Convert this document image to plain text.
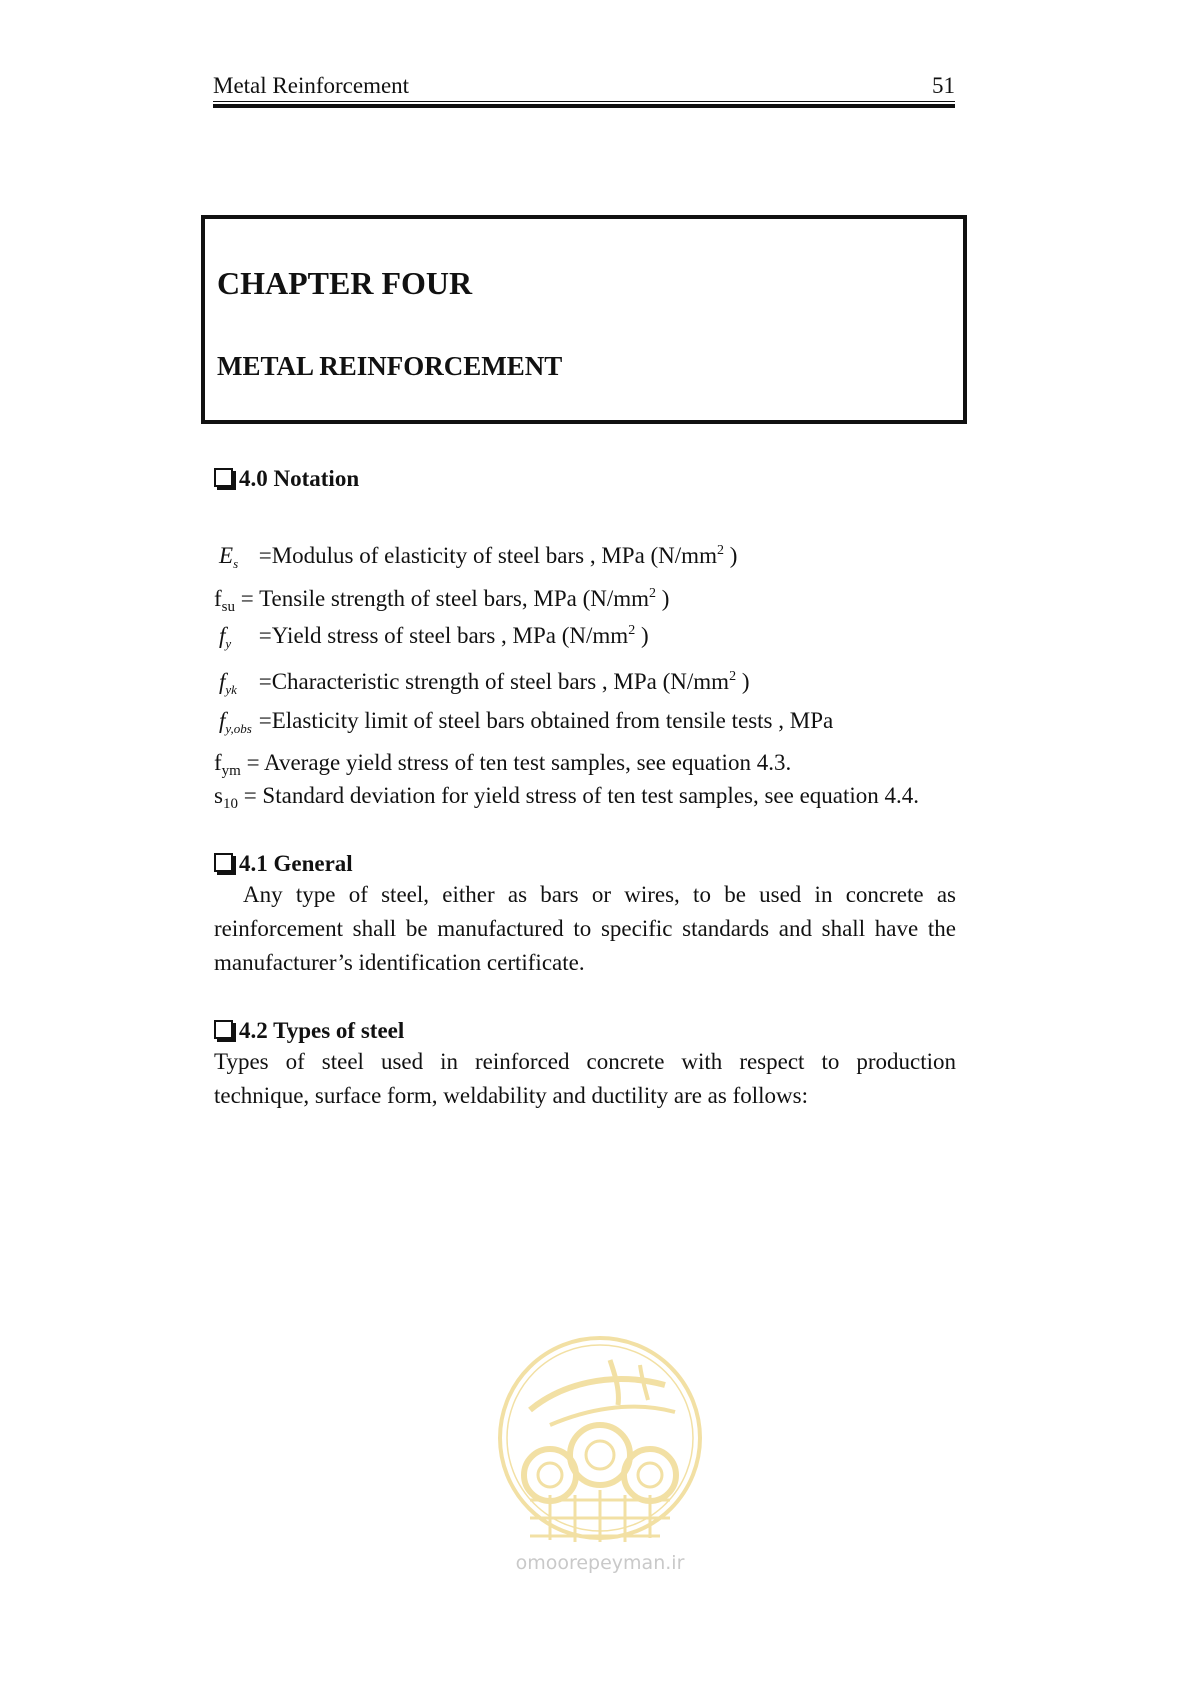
Metal Reinforcement	51
CHAPTER FOUR
METAL REINFORCEMENT
4.0 Notation
$E_s$ =Modulus of elasticity of steel bars , MPa ($N/mm^2$ )
$f_{su}$ = Tensile strength of steel bars, MPa ($N/mm^2$ )
$f_y$ =Yield stress of steel bars , MPa ($N/mm^2$ )
$f_{yk}$ =Characteristic strength of steel bars , MPa ($N/mm^2$ )
$f_{y,obs}$ =Elasticity limit of steel bars obtained from tensile tests , MPa
$f_{ym}$ = Average yield stress of ten test samples, see equation 4.3.
$s_{10}$ = Standard deviation for yield stress of ten test samples, see equation 4.4.
4.1 General
Any type of steel, either as bars or wires, to be used in concrete as
reinforcement shall be manufactured to specific standards and shall have the
manufacturer’s identification certificate.
4.2 Types of steel
Types of steel used in reinforced concrete with respect to production
technique, surface form, weldability and ductility are as follows:
omoorepeyman.ir
